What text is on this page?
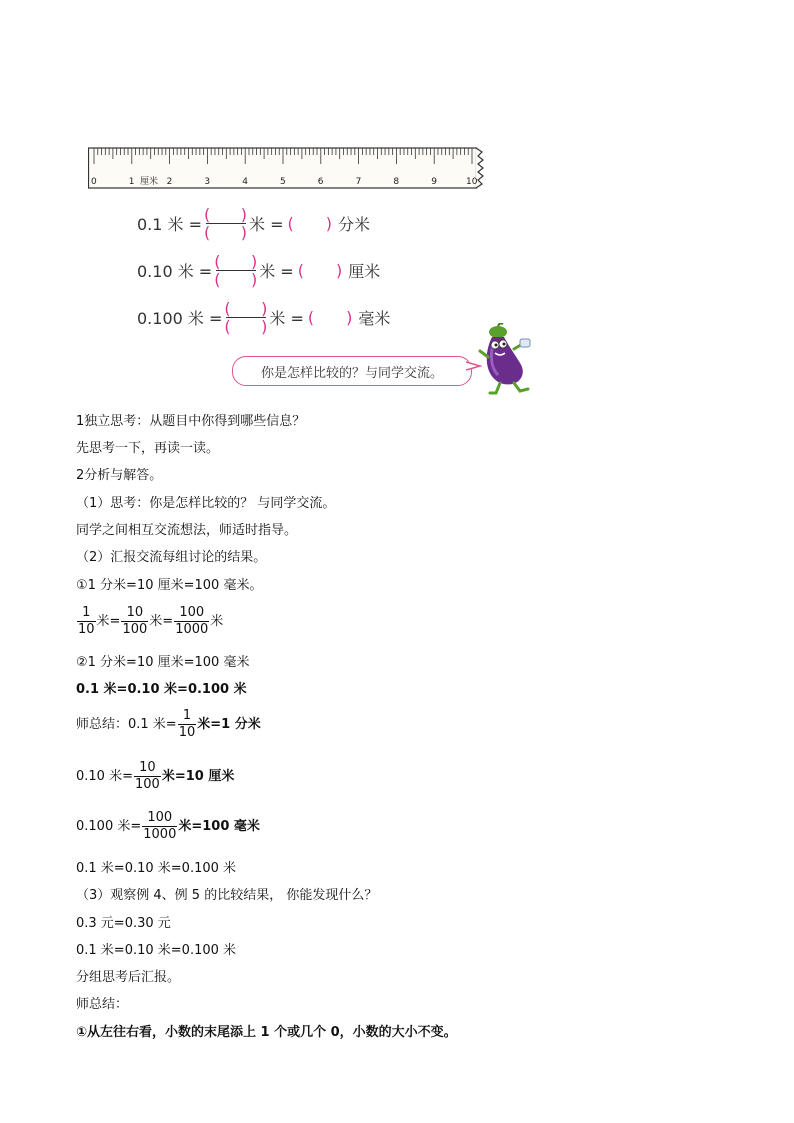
0	1	2	3	4	5	6	7	8	9	10
厘米
0.1 米 = $\frac{( )}{( )}$ 米 = ( ) 分米
0.10 米 = $\frac{( )}{( )}$ 米 = ( ) 厘米
0.100 米 = $\frac{( )}{( )}$ 米 = ( ) 毫米
你是怎样比较的？与同学交流。
1独立思考：从题目中你得到哪些信息？
先思考一下，再读一读。
2分析与解答。
（1）思考：你是怎样比较的？ 与同学交流。
同学之间相互交流想法，师适时指导。
（2）汇报交流每组讨论的结果。
①1 分米=10 厘米=100 毫米。
$\frac{1}{10}$ 米= $\frac{10}{100}$ 米= $\frac{100}{1000}$ 米
②1 分米=10 厘米=100 毫米
0.1 米=0.10 米=0.100 米
师总结：0.1 米= $\frac{1}{10}$ 米=1 分米
0.10 米= $\frac{10}{100}$ 米=10 厘米
0.100 米= $\frac{100}{1000}$ 米=100 毫米
0.1 米=0.10 米=0.100 米
（3）观察例 4、例 5 的比较结果， 你能发现什么？
0.3 元=0.30 元
0.1 米=0.10 米=0.100 米
分组思考后汇报。
师总结：
①从左往右看，小数的末尾添上 1 个或几个 0，小数的大小不变。
